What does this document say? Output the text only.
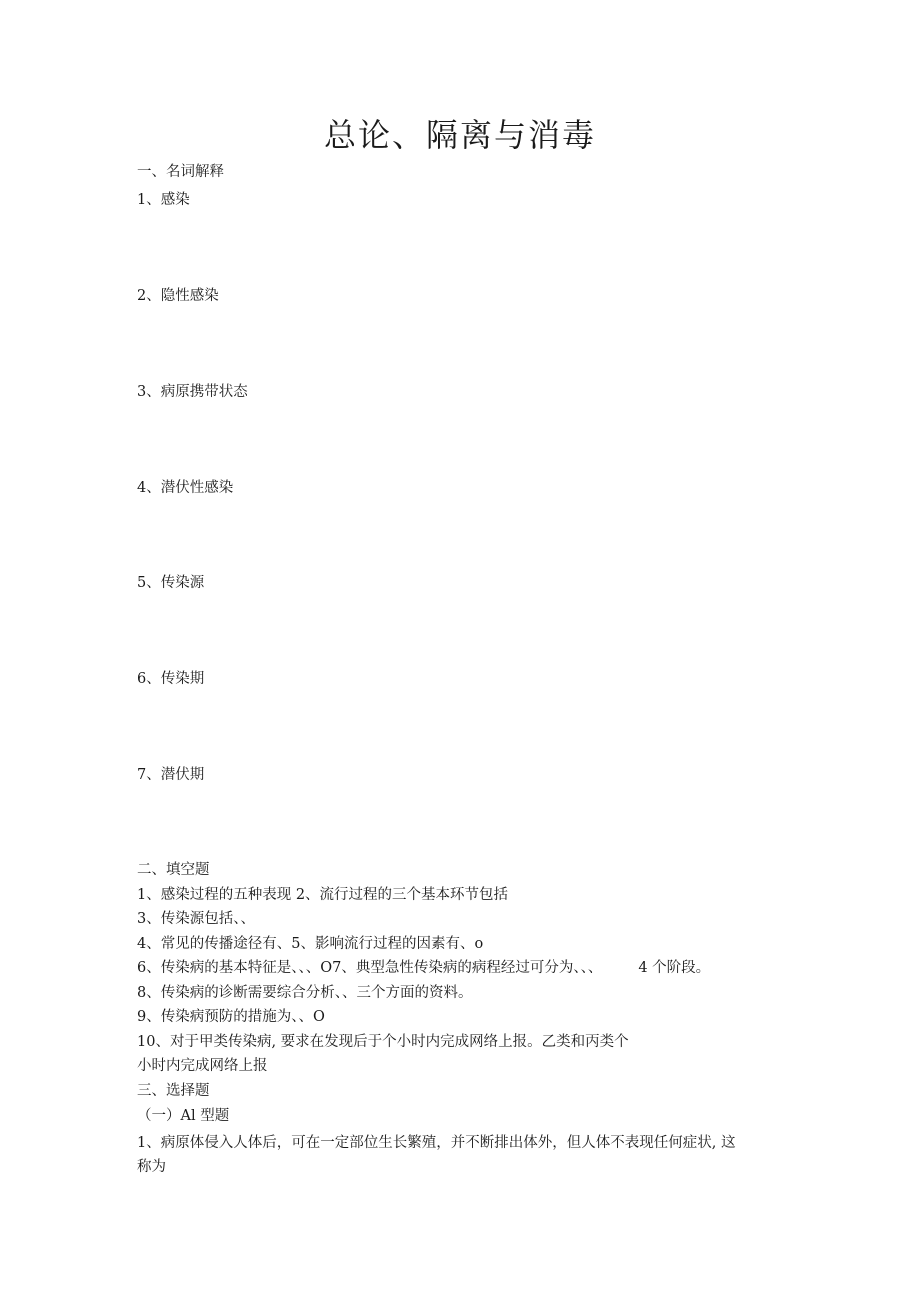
总论、隔离与消毒
一、名词解释
1、感染
2、隐性感染
3、病原携带状态
4、潜伏性感染
5、传染源
6、传染期
7、潜伏期
二、填空题
1、感染过程的五种表现 2、流行过程的三个基本环节包括
3、传染源包括、、
4、常见的传播途径有、5、影响流行过程的因素有、o
6、传染病的基本特征是、、、O7、典型急性传染病的病程经过可分为、、、 4 个阶段。
8、传染病的诊断需要综合分析、、三个方面的资料。
9、传染病预防的措施为、、O
10、对于甲类传染病, 要求在发现后于个小时内完成网络上报。乙类和丙类个
小时内完成网络上报
三、选择题
（一）Al 型题
1、病原体侵入人体后，可在一定部位生长繁殖，并不断排出体外，但人体不表现任何症状, 这
称为
